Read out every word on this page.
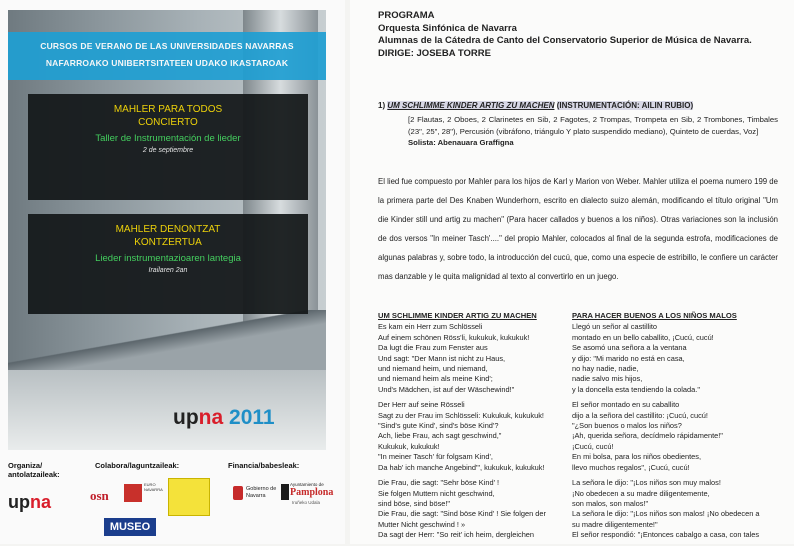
CURSOS DE VERANO DE LAS UNIVERSIDADES NAVARRAS
NAFARROAKO UNIBERTSITATEEN UDAKO IKASTAROAK
MAHLER PARA TODOS
CONCIERTO
Taller de Instrumentación de lieder
2 de septiembre
MAHLER DENONTZAT
KONTZERTUA
Lieder instrumentazioaren lantegia
Irailaren 2an
upna 2011
Organiza/
antolatzaileak:
Colabora/laguntzaileak:	Financia/babesleak:
upna	osn
EURO NAVARRA
MUSEO
Gobierno de Navarra
Ayuntamiento de
Pamplona
Iruñeko Udala
PROGRAMA
Orquesta Sinfónica de Navarra
Alumnas de la Cátedra de Canto del Conservatorio Superior de Música de Navarra.
DIRIGE: JOSEBA TORRE
1) UM SCHLIMME KINDER ARTIG ZU MACHEN (INSTRUMENTACIÓN: AILIN RUBIO)
[2 Flautas, 2 Oboes, 2 Clarinetes en Sib, 2 Fagotes, 2 Trompas, Trompeta en Sib, 2 Trombones, Timbales (23", 25", 28"), Percusión (vibráfono, triángulo Y plato suspendido mediano), Quinteto de cuerdas, Voz]
Solista: Abenauara Graffigna
El lied fue compuesto por Mahler para los hijos de Karl y Marion von Weber. Mahler utiliza el poema numero 199 de la primera parte del Des Knaben Wunderhorn, escrito en dialecto suizo alemán, modificando el título original "Um die Kinder still und artig zu machen" (Para hacer callados y buenos a los niños). Otras variaciones son la inclusión de dos versos "In meiner Tasch'...." del propio Mahler, colocados al final de la segunda estrofa, modificaciones de algunas palabras y, sobre todo, la introducción del cucú, que, como una especie de estribillo, le confiere un carácter mas danzable y le quita malignidad al texto al convertirlo en un juego.
UM SCHLIMME KINDER ARTIG ZU MACHEN
Es kam ein Herr zum Schlösseli
Auf einem schönen Röss'li, kukukuk, kukukuk!
Da lugt die Frau zum Fenster aus
Und sagt: "Der Mann ist nicht zu Haus,
und niemand heim, und niemand,
und niemand heim als meine Kind';
Und's Mädchen, ist auf der Wäschewind!"
Der Herr auf seine Rösseli
Sagt zu der Frau im Schlösseli: Kukukuk, kukukuk!
"Sind's gute Kind', sind's böse Kind'?
Ach, liebe Frau, ach sagt geschwind,"
Kukukuk, kukukuk!
"In meiner Tasch' für folgsam Kind',
Da hab' ich manche Angebind'", kukukuk, kukukuk!
Die Frau, die sagt: "Sehr böse Kind' !
Sie folgen Muttern nicht geschwind,
sind böse, sind böse!"
Die Frau, die sagt: "Sind böse Kind' ! Sie folgen der Mutter Nicht geschwind ! »
Da sagt der Herr: "So reit' ich heim, dergleichen
PARA HACER BUENOS A LOS NIÑOS MALOS
Llegó un señor al castillito
montado en un bello caballito, ¡Cucú, cucú!
Se asomó una señora a la ventana
y dijo: "Mi marido no está en casa,
no hay nadie, nadie,
nadie salvo mis hijos,
y la doncella esta tendiendo la colada."
El señor montado en su caballito
dijo a la señora del castillito: ¡Cucú, cucú!
"¿Son buenos o malos los niños?
¡Ah, querida señora, decídmelo rápidamente!"
¡Cucú, cucú!
En mi bolsa, para los niños obedientes,
llevo muchos regalos", ¡Cucú, cucú!
La señora le dijo: "¡Los niños son muy malos!
¡No obedecen a su madre diligentemente,
son malos, son malos!"
La señora le dijo: "¡Los niños son malos! ¡No obedecen a su madre diligentemente!"
El señor respondió: "¡Entonces cabalgo a casa, con tales
